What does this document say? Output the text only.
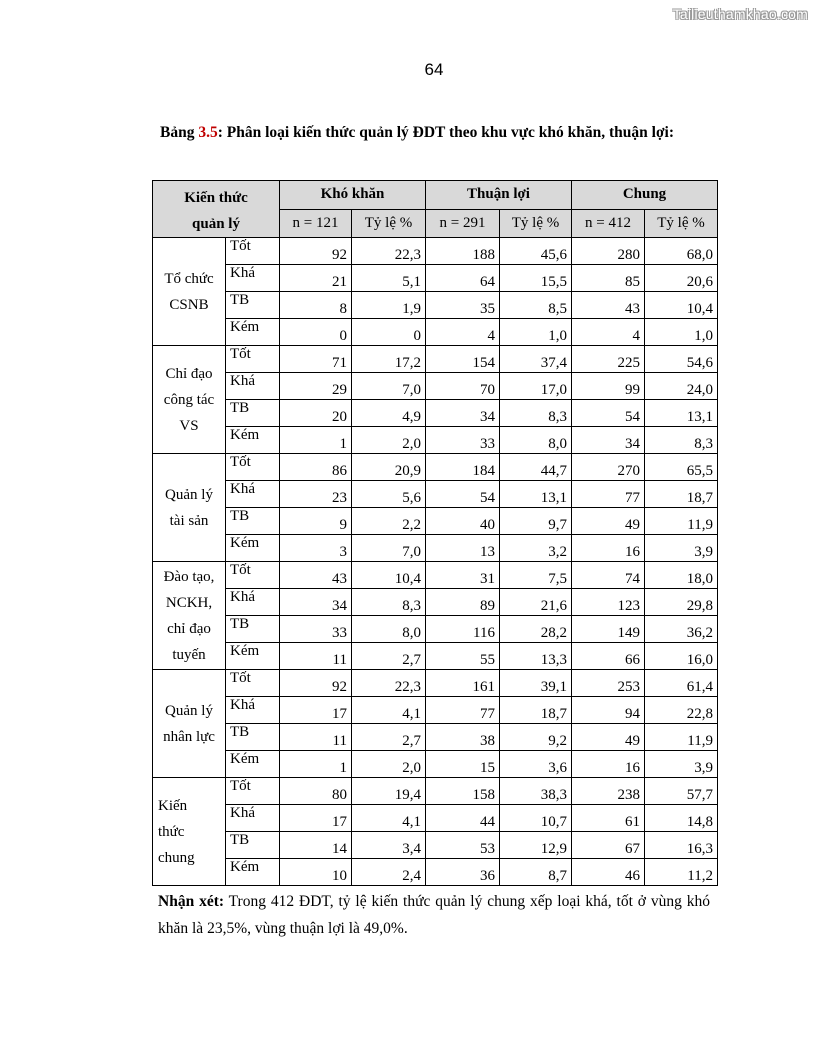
Tailieuthamkhao.com
64
Bảng 3.5: Phân loại kiến thức quản lý ĐDT theo khu vực khó khăn, thuận lợi:
Kiến thức
quản lý		Khó khăn		Thuận lợi		Chung	
		n = 121	Tỷ lệ %	n = 291	Tỷ lệ %	n = 412	Tỷ lệ %
Tổ chức
CSNB	Tốt	92	22,3	188	45,6	280	68,0
	Khá	21	5,1	64	15,5	85	20,6
	TB	8	1,9	35	8,5	43	10,4
	Kém	0	0	4	1,0	4	1,0
Chỉ đạo
công tác
VS	Tốt	71	17,2	154	37,4	225	54,6
	Khá	29	7,0	70	17,0	99	24,0
	TB	20	4,9	34	8,3	54	13,1
	Kém	1	2,0	33	8,0	34	8,3
Quản lý
tài sản	Tốt	86	20,9	184	44,7	270	65,5
	Khá	23	5,6	54	13,1	77	18,7
	TB	9	2,2	40	9,7	49	11,9
	Kém	3	7,0	13	3,2	16	3,9
Đào tạo,
NCKH,
chỉ đạo
tuyến	Tốt	43	10,4	31	7,5	74	18,0
	Khá	34	8,3	89	21,6	123	29,8
	TB	33	8,0	116	28,2	149	36,2
	Kém	11	2,7	55	13,3	66	16,0
Quản lý
nhân lực	Tốt	92	22,3	161	39,1	253	61,4
	Khá	17	4,1	77	18,7	94	22,8
	TB	11	2,7	38	9,2	49	11,9
	Kém	1	2,0	15	3,6	16	3,9
Kiến
thức
chung	Tốt	80	19,4	158	38,3	238	57,7
	Khá	17	4,1	44	10,7	61	14,8
	TB	14	3,4	53	12,9	67	16,3
	Kém	10	2,4	36	8,7	46	11,2
Nhận xét: Trong 412 ĐDT, tỷ lệ kiến thức quản lý chung xếp loại khá, tốt ở vùng khó khăn là 23,5%, vùng thuận lợi là 49,0%.
